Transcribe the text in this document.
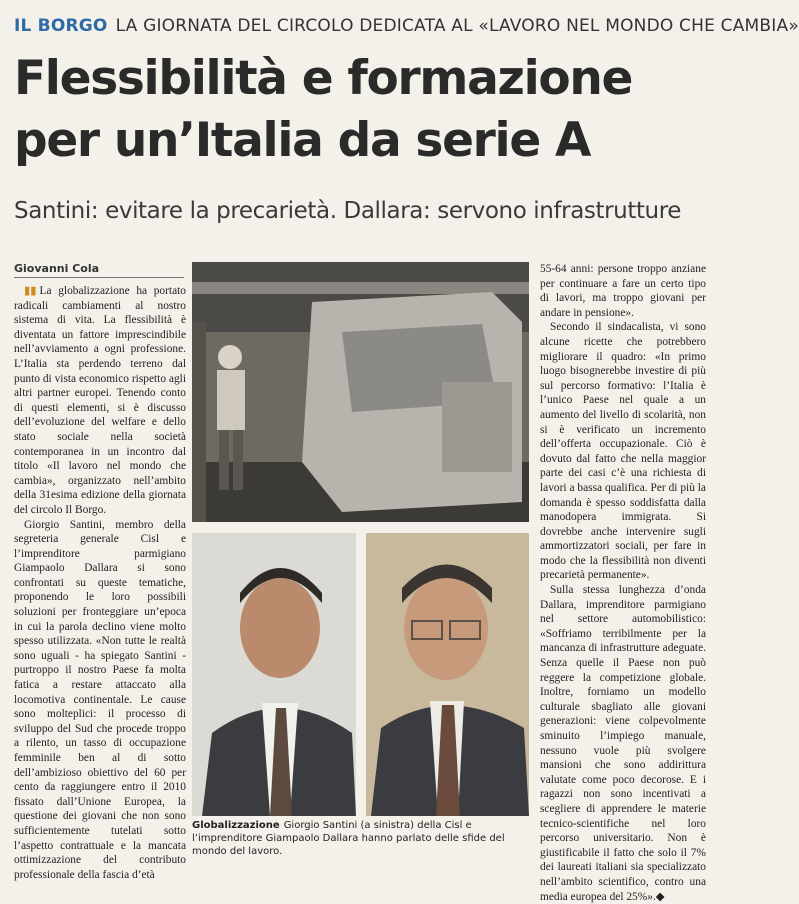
IL BORGO LA GIORNATA DEL CIRCOLO DEDICATA AL «LAVORO NEL MONDO CHE CAMBIA»
Flessibilità e formazione
per un’Italia da serie A
Santini: evitare la precarietà. Dallara: servono infrastrutture
Giovanni Cola

▮▮ La globalizzazione ha portato radicali cambiamenti al nostro sistema di vita. La flessibilità è diventata un fattore imprescindibile nell’avviamento a ogni professione. L’Italia sta perdendo terreno dal punto di vista economico rispetto agli altri partner europei. Tenendo conto di questi elementi, si è discusso dell’evoluzione del welfare e dello stato sociale nella società contemporanea in un incontro dal titolo «Il lavoro nel mondo che cambia», organizzato nell’ambito della 31esima edizione della giornata del circolo Il Borgo.

Giorgio Santini, membro della segreteria generale Cisl e l’imprenditore parmigiano Giampaolo Dallara si sono confrontati su queste tematiche, proponendo le loro possibili soluzioni per fronteggiare un’epoca in cui la parola declino viene molto spesso utilizzata. «Non tutte le realtà sono uguali - ha spiegato Santini - purtroppo il nostro Paese fa molta fatica a restare attaccato alla locomotiva continentale. Le cause sono molteplici: il processo di sviluppo del Sud che procede troppo a rilento, un tasso di occupazione femminile ben al di sotto dell’ambizioso obiettivo del 60 per cento da raggiungere entro il 2010 fissato dall’Unione Europea, la questione dei giovani che non sono sufficientemente tutelati sotto l’aspetto contrattuale e la mancata ottimizzazione del contributo professionale della fascia d’età

Globalizzazione Giorgio Santini (a sinistra) della Cisl e l’imprenditore Giampaolo Dallara hanno parlato delle sfide del mondo del lavoro.

55-64 anni: persone troppo anziane per continuare a fare un certo tipo di lavori, ma troppo giovani per andare in pensione».

Secondo il sindacalista, vi sono alcune ricette che potrebbero migliorare il quadro: «In primo luogo bisognerebbe investire di più sul percorso formativo: l’Italia è l’unico Paese nel quale a un aumento del livello di scolarità, non si è verificato un incremento dell’offerta occupazionale. Ciò è dovuto dal fatto che nella maggior parte dei casi c’è una richiesta di lavori a bassa qualifica. Per di più la domanda è spesso soddisfatta dalla manodopera immigrata. Si dovrebbe anche intervenire sugli ammortizzatori sociali, per fare in modo che la flessibilità non diventi precarietà permanente».

Sulla stessa lunghezza d’onda Dallara, imprenditore parmigiano nel settore automobilistico: «Soffriamo terribilmente per la mancanza di infrastrutture adeguate. Senza quelle il Paese non può reggere la competizione globale. Inoltre, forniamo un modello culturale sbagliato alle giovani generazioni: viene colpevolmente sminuito l’impiego manuale, nessuno vuole più svolgere mansioni che sono addirittura valutate come poco decorose. E i ragazzi non sono incentivati a scegliere di apprendere le materie tecnico-scientifiche nel loro percorso universitario. Non è giustificabile il fatto che solo il 7% dei laureati italiani sia specializzato nell’ambito scientifico, contro una media europea del 25%».◆
